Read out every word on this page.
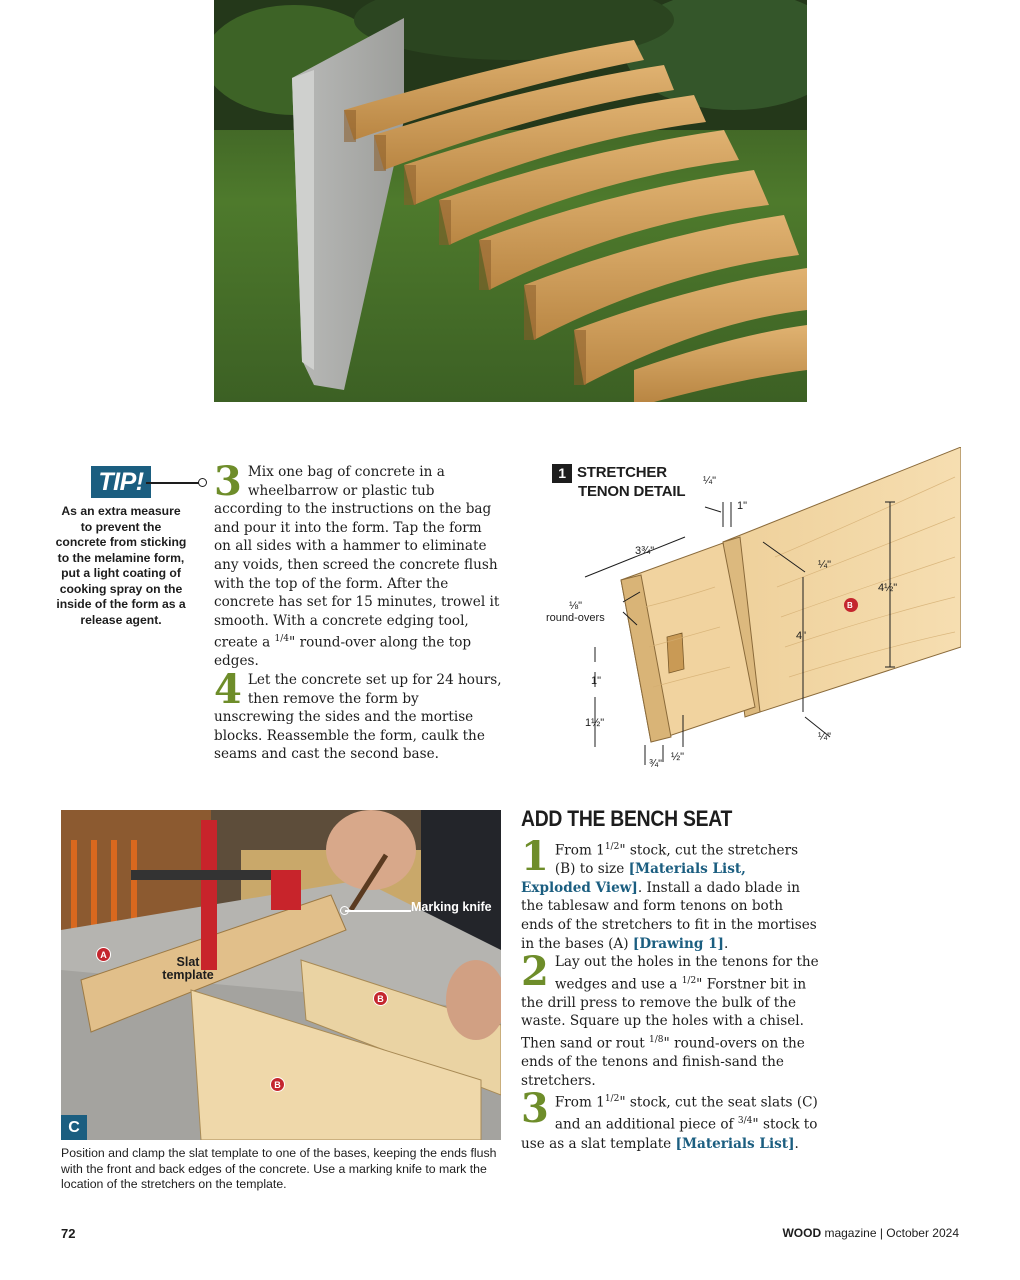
TIP!
As an extra measure to prevent the concrete from sticking to the melamine form, put a light coating of cooking spray on the inside of the form as a release agent.
3 Mix one bag of concrete in a wheelbarrow or plastic tub according to the instructions on the bag and pour it into the form. Tap the form on all sides with a hammer to eliminate any voids, then screed the concrete flush with the top of the form. After the concrete has set for 15 minutes, trowel it smooth. With a concrete edging tool, create a $^{1/4}$" round-over along the top edges.
4 Let the concrete set up for 24 hours, then remove the form by unscrewing the sides and the mortise blocks. Reassemble the form, caulk the seams and cast the second base.
1 STRETCHER
TENON DETAIL
¼"
1"
3¾"
¼"
4½"
⅛"
round-overs
4"
1"
1½"
¼"
¾"
½"
B
Marking knife
Slat template
A
B
B
C
Position and clamp the slat template to one of the bases, keeping the ends flush with the front and back edges of the concrete. Use a marking knife to mark the location of the stretchers on the template.
ADD THE BENCH SEAT
1 From $1^{1/2}$" stock, cut the stretchers (B) to size [Materials List, Exploded View]. Install a dado blade in the tablesaw and form tenons on both ends of the stretchers to fit in the mortises in the bases (A) [Drawing 1].
2 Lay out the holes in the tenons for the wedges and use a $^{1/2}$" Forstner bit in the drill press to remove the bulk of the waste. Square up the holes with a chisel. Then sand or rout $^{1/8}$" round-overs on the ends of the tenons and finish-sand the stretchers.
3 From $1^{1/2}$" stock, cut the seat slats (C) and an additional piece of $^{3/4}$" stock to use as a slat template [Materials List].
72	WOOD magazine | October 2024
